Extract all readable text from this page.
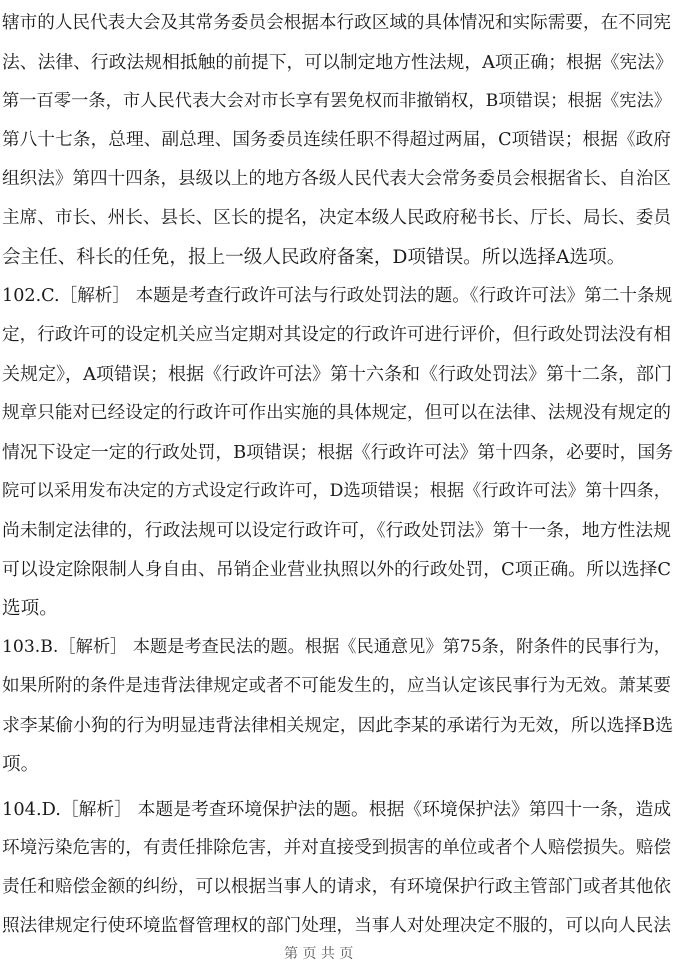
辖市的人民代表大会及其常务委员会根据本行政区域的具体情况和实际需要，在不同宪
法、法律、行政法规相抵触的前提下，可以制定地方性法规，A项正确；根据《宪法》
第一百零一条，市人民代表大会对市长享有罢免权而非撤销权，B项错误；根据《宪法》
第八十七条，总理、副总理、国务委员连续任职不得超过两届，C项错误；根据《政府
组织法》第四十四条，县级以上的地方各级人民代表大会常务委员会根据省长、自治区
主席、市长、州长、县长、区长的提名，决定本级人民政府秘书长、厅长、局长、委员
会主任、科长的任免，报上一级人民政府备案，D项错误。所以选择A选项。
102.C.［解析］ 本题是考查行政许可法与行政处罚法的题。《行政许可法》第二十条规
定，行政许可的设定机关应当定期对其设定的行政许可进行评价，但行政处罚法没有相
关规定》，A项错误；根据《行政许可法》第十六条和《行政处罚法》第十二条，部门
规章只能对已经设定的行政许可作出实施的具体规定，但可以在法律、法规没有规定的
情况下设定一定的行政处罚，B项错误；根据《行政许可法》第十四条，必要时，国务
院可以采用发布决定的方式设定行政许可，D选项错误；根据《行政许可法》第十四条，
尚未制定法律的，行政法规可以设定行政许可，《行政处罚法》第十一条，地方性法规
可以设定除限制人身自由、吊销企业营业执照以外的行政处罚，C项正确。所以选择C
选项。
103.B.［解析］ 本题是考查民法的题。根据《民通意见》第75条，附条件的民事行为，
如果所附的条件是违背法律规定或者不可能发生的，应当认定该民事行为无效。萧某要
求李某偷小狗的行为明显违背法律相关规定，因此李某的承诺行为无效，所以选择B选
项。
104.D.［解析］ 本题是考查环境保护法的题。根据《环境保护法》第四十一条，造成
环境污染危害的，有责任排除危害，并对直接受到损害的单位或者个人赔偿损失。赔偿
责任和赔偿金额的纠纷，可以根据当事人的请求，有环境保护行政主管部门或者其他依
照法律规定行使环境监督管理权的部门处理，当事人对处理决定不服的，可以向人民法
第 页 共 页
